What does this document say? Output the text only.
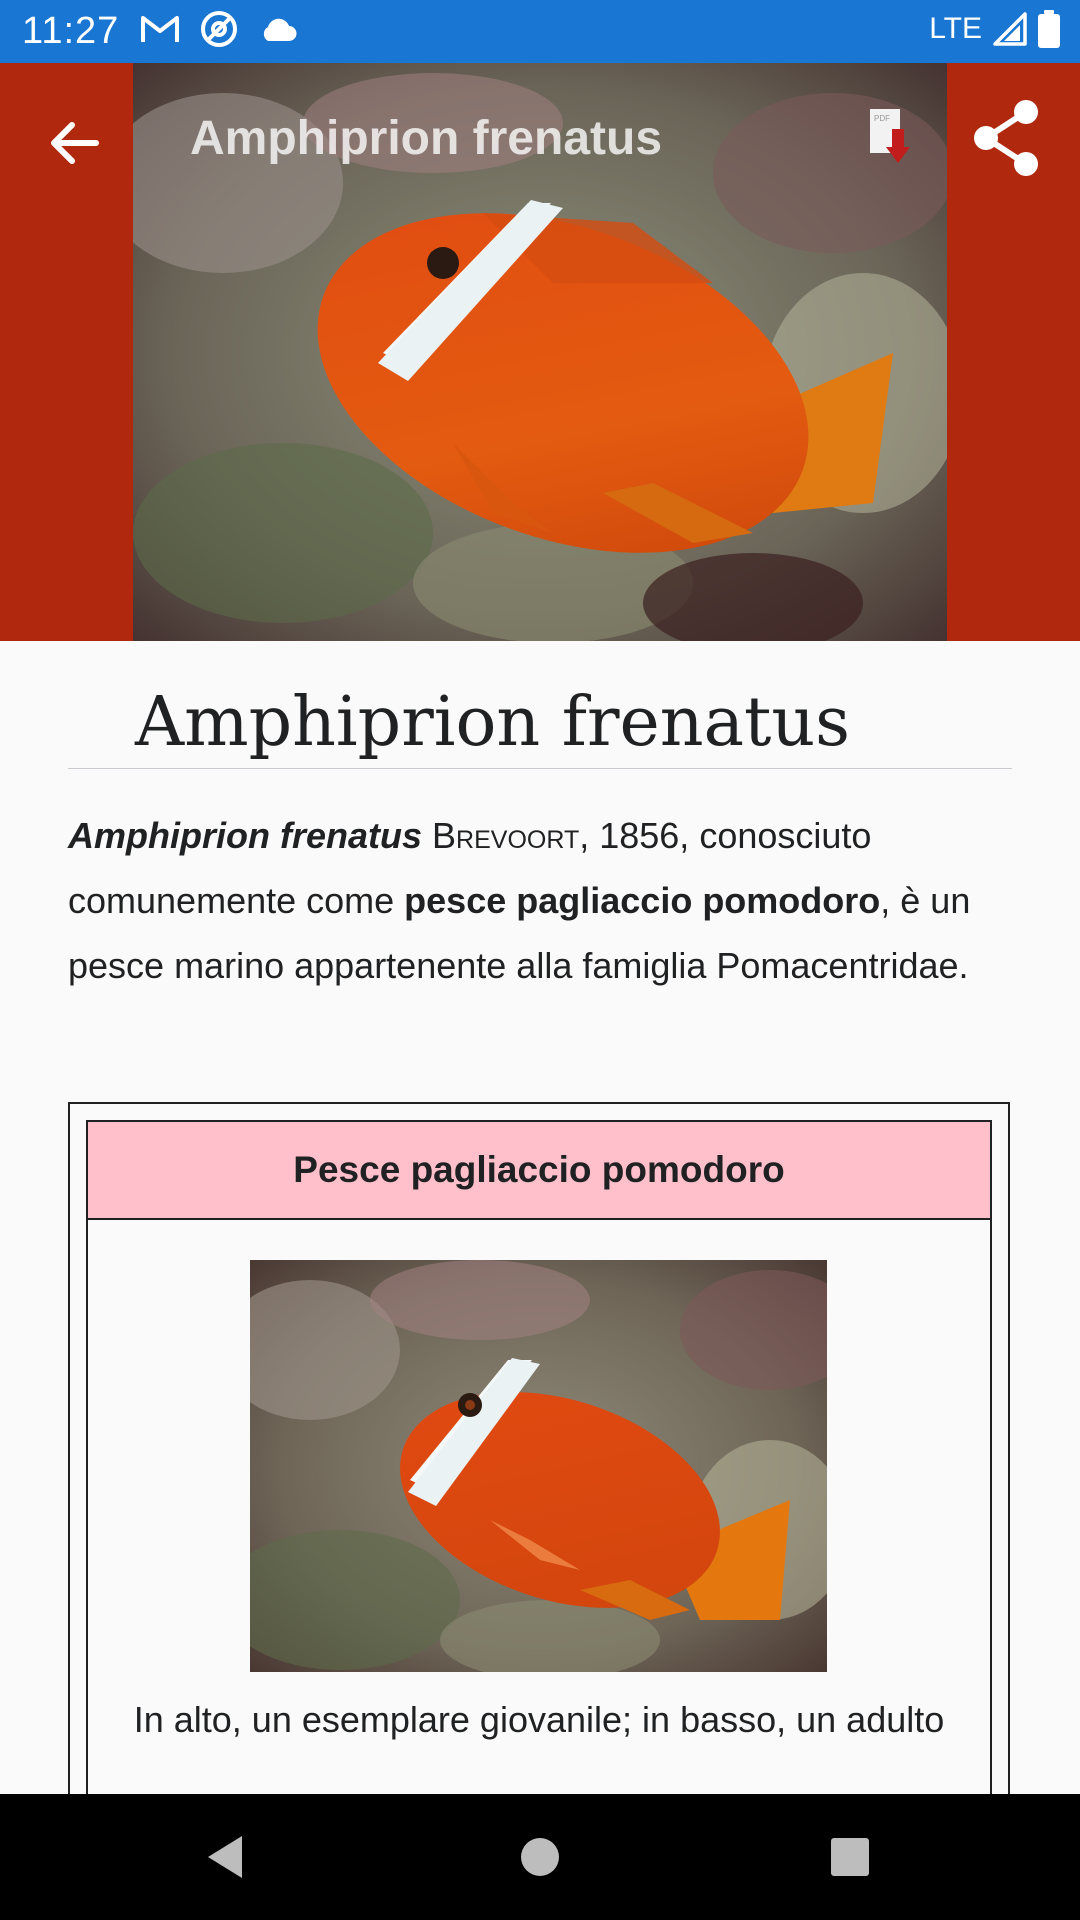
11:27	LTE
Amphiprion frenatus	PDF
Amphiprion frenatus

Amphiprion frenatus Brevoort, 1856, conosciuto comunemente come pesce pagliaccio pomodoro, è un pesce marino appartenente alla famiglia Pomacentridae.

Pesce pagliaccio pomodoro
In alto, un esemplare giovanile; in basso, un adulto
